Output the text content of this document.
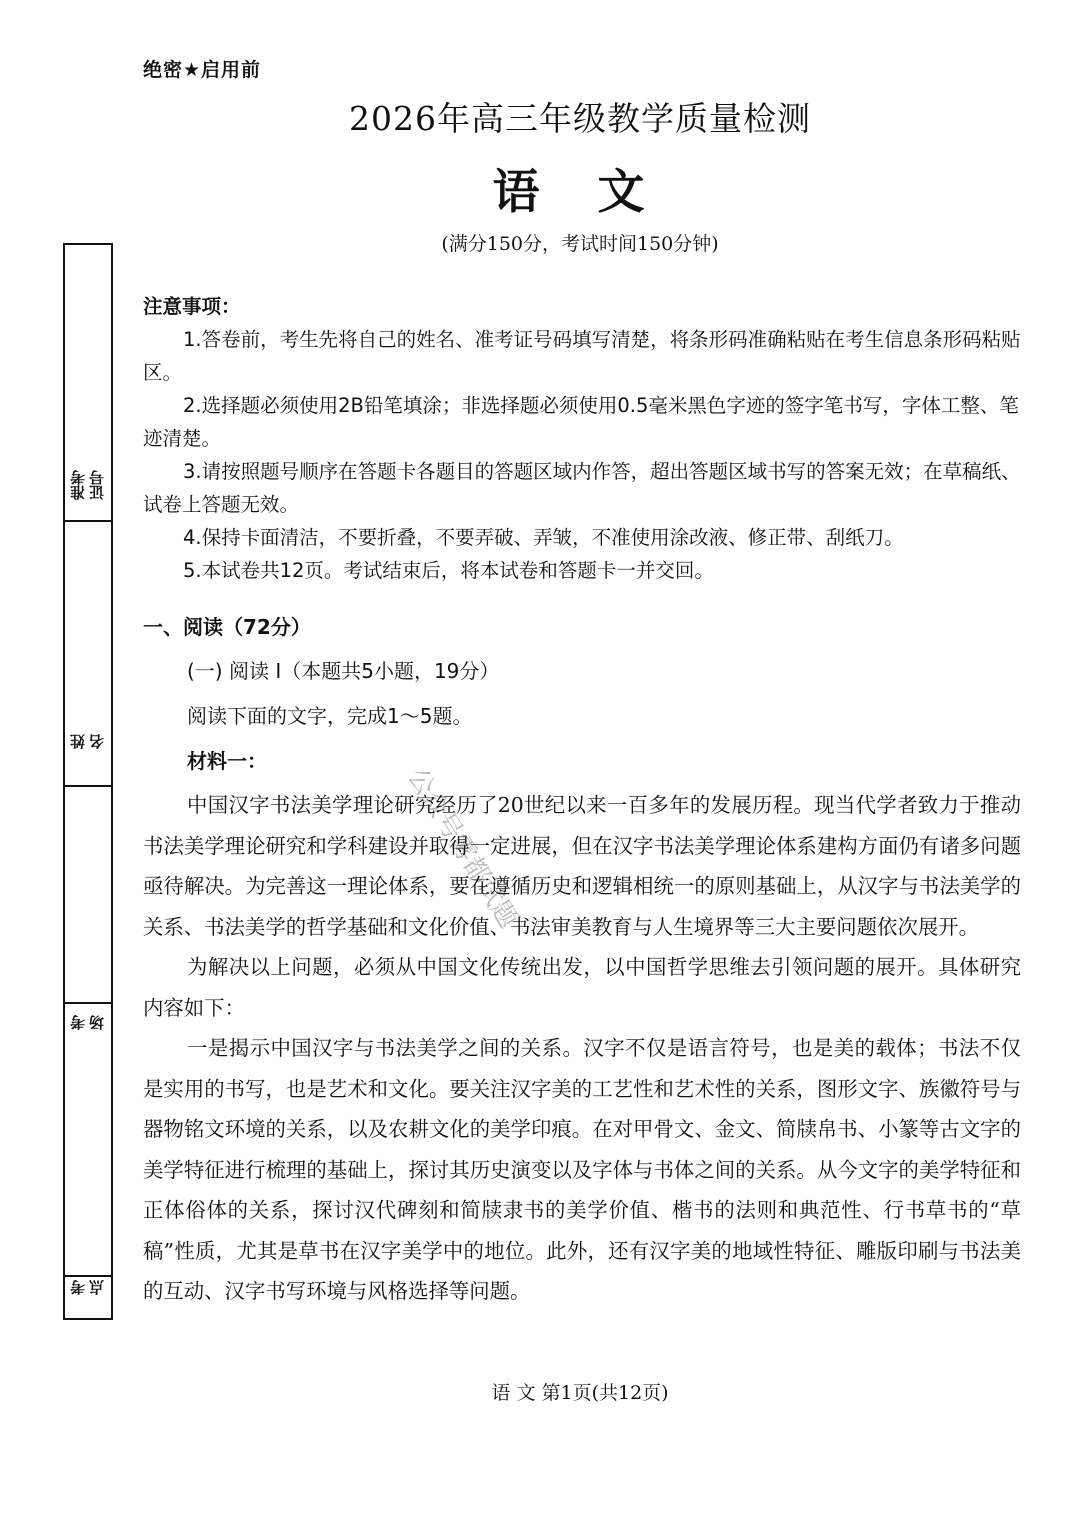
绝密★启用前
2026年高三年级教学质量检测
语文
(满分150分，考试时间150分钟)
准考证号
姓名
考场
考点
注意事项：

1.答卷前，考生先将自己的姓名、准考证号码填写清楚，将条形码准确粘贴在考生信息条形码粘贴区。

2.选择题必须使用2B铅笔填涂；非选择题必须使用0.5毫米黑色字迹的签字笔书写，字体工整、笔迹清楚。

3.请按照题号顺序在答题卡各题目的答题区域内作答，超出答题区域书写的答案无效；在草稿纸、试卷上答题无效。

4.保持卡面清洁，不要折叠，不要弄破、弄皱，不准使用涂改液、修正带、刮纸刀。

5.本试卷共12页。考试结束后，将本试卷和答题卡一并交回。

一、阅读（72分）
(一) 阅读 I（本题共5小题，19分）
阅读下面的文字，完成1～5题。
材料一：

中国汉字书法美学理论研究经历了20世纪以来一百多年的发展历程。现当代学者致力于推动书法美学理论研究和学科建设并取得一定进展，但在汉字书法美学理论体系建构方面仍有诸多问题亟待解决。为完善这一理论体系，要在遵循历史和逻辑相统一的原则基础上，从汉字与书法美学的关系、书法美学的哲学基础和文化价值、书法审美教育与人生境界等三大主要问题依次展开。

为解决以上问题，必须从中国文化传统出发，以中国哲学思维去引领问题的展开。具体研究内容如下：

一是揭示中国汉字与书法美学之间的关系。汉字不仅是语言符号，也是美的载体；书法不仅是实用的书写，也是艺术和文化。要关注汉字美的工艺性和艺术性的关系，图形文字、族徽符号与器物铭文环境的关系，以及农耕文化的美学印痕。在对甲骨文、金文、简牍帛书、小篆等古文字的美学特征进行梳理的基础上，探讨其历史演变以及字体与书体之间的关系。从今文字的美学特征和正体俗体的关系，探讨汉代碑刻和简牍隶书的美学价值、楷书的法则和典范性、行书草书的“草稿”性质，尤其是草书在汉字美学中的地位。此外，还有汉字美的地域性特征、雕版印刷与书法美的互动、汉字书写环境与风格选择等问题。

公众号雾都试题
语 文 第1页(共12页)
